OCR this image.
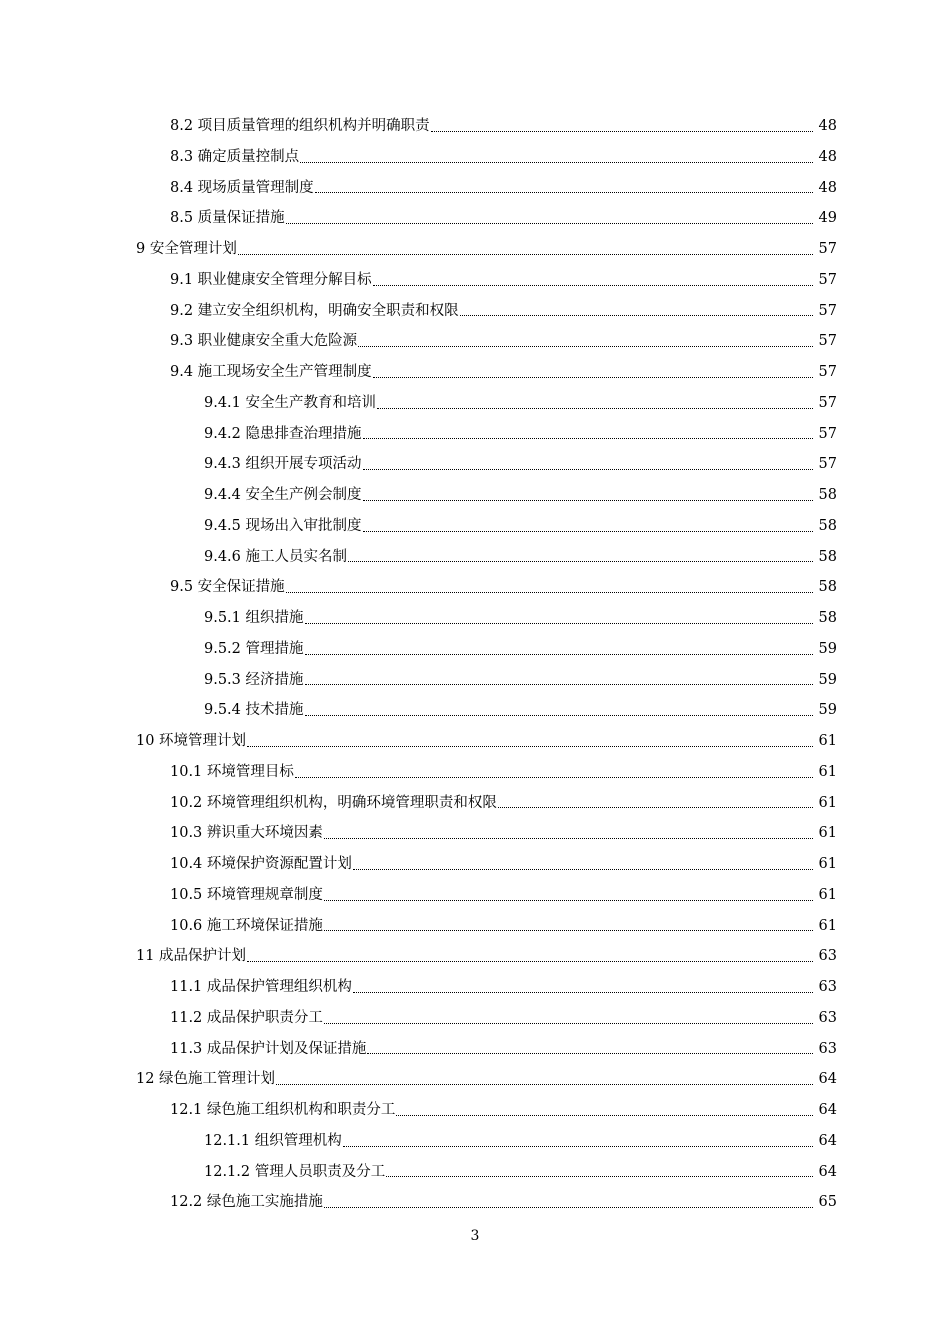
8.2 项目质量管理的组织机构并明确职责	48
8.3 确定质量控制点	48
8.4 现场质量管理制度	48
8.5 质量保证措施	49
9 安全管理计划	57
9.1 职业健康安全管理分解目标	57
9.2 建立安全组织机构，明确安全职责和权限	57
9.3 职业健康安全重大危险源	57
9.4 施工现场安全生产管理制度	57
9.4.1 安全生产教育和培训	57
9.4.2 隐患排查治理措施	57
9.4.3 组织开展专项活动	57
9.4.4 安全生产例会制度	58
9.4.5 现场出入审批制度	58
9.4.6 施工人员实名制	58
9.5 安全保证措施	58
9.5.1 组织措施	58
9.5.2 管理措施	59
9.5.3 经济措施	59
9.5.4 技术措施	59
10 环境管理计划	61
10.1 环境管理目标	61
10.2 环境管理组织机构，明确环境管理职责和权限	61
10.3 辨识重大环境因素	61
10.4 环境保护资源配置计划	61
10.5 环境管理规章制度	61
10.6 施工环境保证措施	61
11 成品保护计划	63
11.1 成品保护管理组织机构	63
11.2 成品保护职责分工	63
11.3 成品保护计划及保证措施	63
12 绿色施工管理计划	64
12.1 绿色施工组织机构和职责分工	64
12.1.1 组织管理机构	64
12.1.2 管理人员职责及分工	64
12.2 绿色施工实施措施	65
3
